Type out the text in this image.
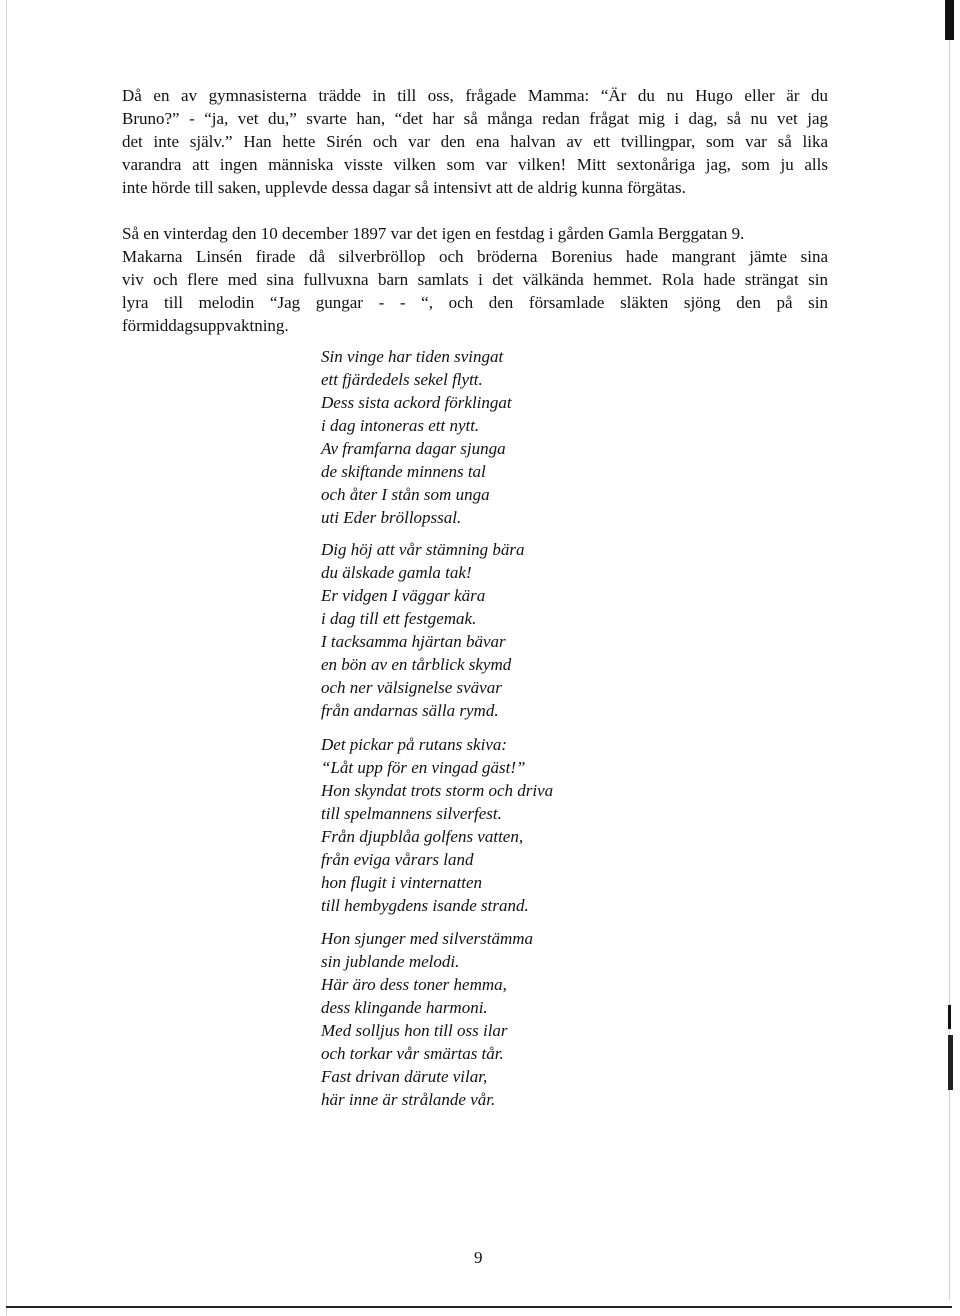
Då en av gymnasisterna trädde in till oss, frågade Mamma: “Är du nu Hugo eller är du
Bruno?” - “ja, vet du,” svarte han, “det har så många redan frågat mig i dag, så nu vet jag
det inte själv.” Han hette Sirén och var den ena halvan av ett tvillingpar, som var så lika
varandra att ingen människa visste vilken som var vilken! Mitt sextonåriga jag, som ju alls
inte hörde till saken, upplevde dessa dagar så intensivt att de aldrig kunna förgätas.

Så en vinterdag den 10 december 1897 var det igen en festdag i gården Gamla Berggatan 9.
Makarna Linsén firade då silverbröllop och bröderna Borenius hade mangrant jämte sina
viv och flere med sina fullvuxna barn samlats i det välkända hemmet. Rola hade strängat sin
lyra till melodin “Jag gungar - - “, och den församlade släkten sjöng den på sin
förmiddagsuppvaktning.

Sin vinge har tiden svingat
ett fjärdedels sekel flytt.
Dess sista ackord förklingat
i dag intoneras ett nytt.
Av framfarna dagar sjunga
de skiftande minnens tal
och åter I stån som unga
uti Eder bröllopssal.
Dig höj att vår stämning bära
du älskade gamla tak!
Er vidgen I väggar kära
i dag till ett festgemak.
I tacksamma hjärtan bävar
en bön av en tårblick skymd
och ner välsignelse svävar
från andarnas sälla rymd.
Det pickar på rutans skiva:
“Låt upp för en vingad gäst!”
Hon skyndat trots storm och driva
till spelmannens silverfest.
Från djupblåa golfens vatten,
från eviga vårars land
hon flugit i vinternatten
till hembygdens isande strand.
Hon sjunger med silverstämma
sin jublande melodi.
Här äro dess toner hemma,
dess klingande harmoni.
Med solljus hon till oss ilar
och torkar vår smärtas tår.
Fast drivan därute vilar,
här inne är strålande vår.
9
